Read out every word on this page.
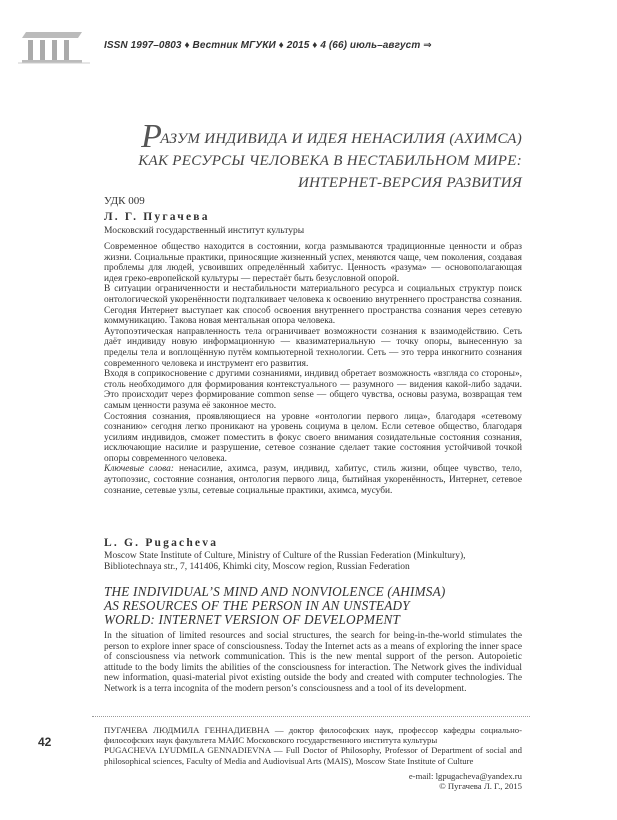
ISSN 1997–0803 ♦ Вестник МГУКИ ♦ 2015 ♦ 4 (66) июль–август ⇒
РАЗУМ ИНДИВИДА И ИДЕЯ НЕНАСИЛИЯ (АХИМСА)
КАК РЕСУРСЫ ЧЕЛОВЕКА В НЕСТАБИЛЬНОМ МИРЕ:
ИНТЕРНЕТ-ВЕРСИЯ РАЗВИТИЯ
УДК 009
Л. Г. Пугачева
Московский государственный институт культуры

Современное общество находится в состоянии, когда размываются традиционные ценности и образ жизни. Социальные практики, приносящие жизненный успех, меняются чаще, чем поколения, создавая проблемы для людей, усвоивших определённый хабитус. Ценность «разума» — основополагающая идея греко-европейской культуры — перестаёт быть безусловной опорой.

В ситуации ограниченности и нестабильности материального ресурса и социальных структур поиск онтологической укоренённости подталкивает человека к освоению внутреннего пространства сознания. Сегодня Интернет выступает как способ освоения внутреннего пространства сознания через сетевую коммуникацию. Такова новая ментальная опора человека.

Аутопоэтическая направленность тела ограничивает возможности сознания к взаимодействию. Сеть даёт индивиду новую информационную — квазиматериальную — точку опоры, вынесенную за пределы тела и воплощённую путём компьютерной технологии. Сеть — это терра инкогнито сознания современного человека и инструмент его развития.

Входя в соприкосновение с другими сознаниями, индивид обретает возможность «взгляда со стороны», столь необходимого для формирования контекстуального — разумного — видения какой-либо задачи. Это происходит через формирование common sense — общего чувства, основы разума, возвращая тем самым ценности разума её законное место.

Состояния сознания, проявляющиеся на уровне «онтологии первого лица», благодаря «сетевому сознанию» сегодня легко проникают на уровень социума в целом. Если сетевое общество, благодаря усилиям индивидов, сможет поместить в фокус своего внимания созидательные состояния сознания, исключающие насилие и разрушение, сетевое сознание сделает такие состояния устойчивой точкой опоры современного человека.

Ключевые слова: ненасилие, ахимса, разум, индивид, хабитус, стиль жизни, общее чувство, тело, аутопоэзис, состояние сознания, онтология первого лица, бытийная укоренённость, Интернет, сетевое сознание, сетевые узлы, сетевые социальные практики, ахимса, мусуби.

L. G. Pugacheva
Moscow State Institute of Culture, Ministry of Culture of the Russian Federation (Minkulturу),
Bibliotechnaya str., 7, 141406, Khimki city, Moscow region, Russian Federation
THE INDIVIDUAL’S MIND AND NONVIOLENCE (AHIMSA)
AS RESOURCES OF THE PERSON IN AN UNSTEADY
WORLD: INTERNET VERSION OF DEVELOPMENT

In the situation of limited resources and social structures, the search for being-in-the-world stimulates the person to explore inner space of consciousness. Today the Internet acts as a means of exploring the inner space of consciousness via network communication. This is the new mental support of the person. Autopoietic attitude to the body limits the abilities of the consciousness for interaction. The Network gives the individual new information, quasi-material pivot existing outside the body and created with computer technologies. The Network is a terra incognita of the modern person’s consciousness and a tool of its development.

42

ПУГАЧЕВА ЛЮДМИЛА ГЕННАДИЕВНА — доктор философских наук, профессор кафедры социально-философских наук факультета МАИС Московского государственного института культуры

PUGACHEVA LYUDMILA GENNADIEVNA — Full Doctor of Philosophy, Professor of Department of social and philosophical sciences, Faculty of Media and Audiovisual Arts (MAIS), Moscow State Institute of Culture

e-mail: lgpugacheva@yandex.ru
© Пугачева Л. Г., 2015
